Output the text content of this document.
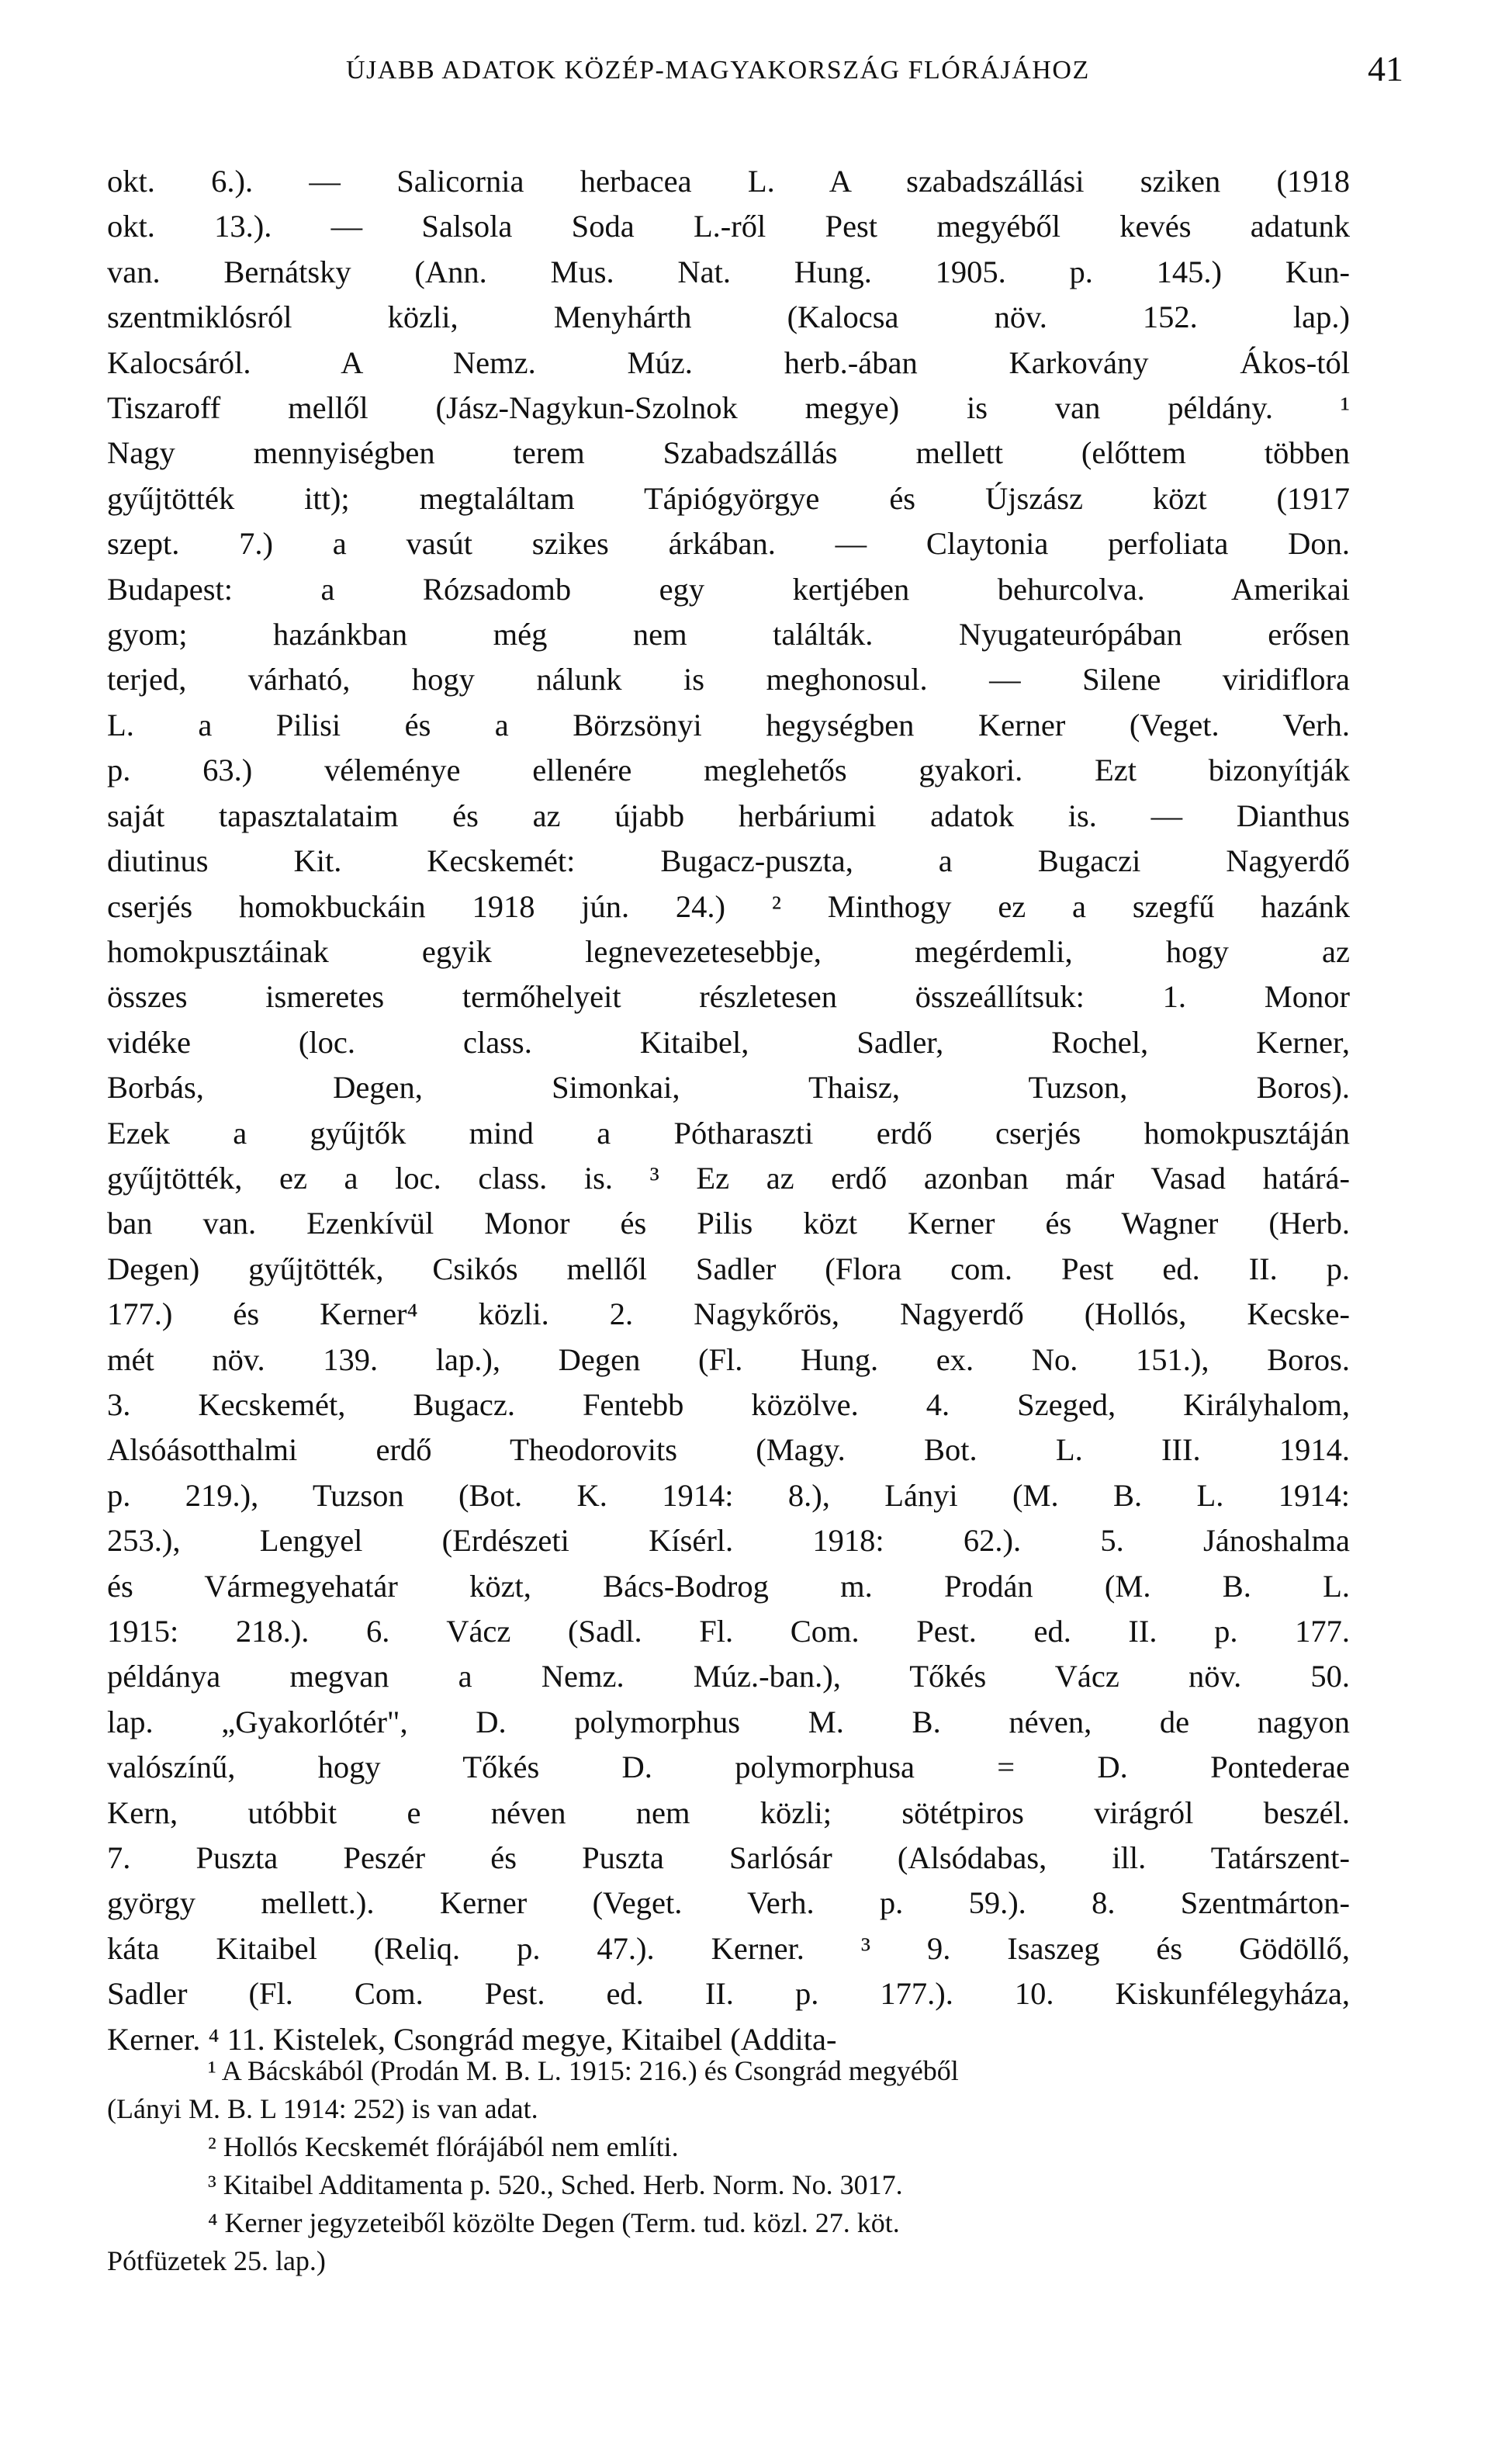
ÚJABB ADATOK KÖZÉP-MAGYAKORSZÁG FLÓRÁJÁHOZ	41
okt. 6.). — Salicornia herbacea L. A szabadszállási sziken (1918
okt. 13.). — Salsola Soda L.-ről Pest megyéből kevés adatunk
van. Bernátsky (Ann. Mus. Nat. Hung. 1905. p. 145.) Kun-
szentmiklósról közli, Menyhárth (Kalocsa növ. 152. lap.)
Kalocsáról. A Nemz. Múz. herb.-ában Karkovány Ákos-tól
Tiszaroff mellől (Jász-Nagykun-Szolnok megye) is van példány. ¹
Nagy mennyiségben terem Szabadszállás mellett (előttem többen
gyűjtötték itt); megtaláltam Tápiógyörgye és Újszász közt (1917
szept. 7.) a vasút szikes árkában. — Claytonia perfoliata Don.
Budapest: a Rózsadomb egy kertjében behurcolva. Amerikai
gyom; hazánkban még nem találták. Nyugateurópában erősen
terjed, várható, hogy nálunk is meghonosul. — Silene viridiflora
L. a Pilisi és a Börzsönyi hegységben Kerner (Veget. Verh.
p. 63.) véleménye ellenére meglehetős gyakori. Ezt bizonyítják
saját tapasztalataim és az újabb herbáriumi adatok is. — Dianthus
diutinus Kit. Kecskemét: Bugacz-puszta, a Bugaczi Nagyerdő
cserjés homokbuckáin 1918 jún. 24.) ² Minthogy ez a szegfű hazánk
homokpusztáinak egyik legnevezetesebbje, megérdemli, hogy az
összes ismeretes termőhelyeit részletesen összeállítsuk: 1. Monor
vidéke (loc. class. Kitaibel, Sadler, Rochel, Kerner,
Borbás, Degen, Simonkai, Thaisz, Tuzson, Boros).
Ezek a gyűjtők mind a Pótharaszti erdő cserjés homokpusztáján
gyűjtötték, ez a loc. class. is. ³ Ez az erdő azonban már Vasad határá-
ban van. Ezenkívül Monor és Pilis közt Kerner és Wagner (Herb.
Degen) gyűjtötték, Csikós mellől Sadler (Flora com. Pest ed. II. p.
177.) és Kerner⁴ közli. 2. Nagykőrös, Nagyerdő (Hollós, Kecske-
mét növ. 139. lap.), Degen (Fl. Hung. ex. No. 151.), Boros.
3. Kecskemét, Bugacz. Fentebb közölve. 4. Szeged, Királyhalom,
Alsóásotthalmi erdő Theodorovits (Magy. Bot. L. III. 1914.
p. 219.), Tuzson (Bot. K. 1914: 8.), Lányi (M. B. L. 1914:
253.), Lengyel (Erdészeti Kísérl. 1918: 62.). 5. Jánoshalma
és Vármegyehatár közt, Bács-Bodrog m. Prodán (M. B. L.
1915: 218.). 6. Vácz (Sadl. Fl. Com. Pest. ed. II. p. 177.
példánya megvan a Nemz. Múz.-ban.), Tőkés Vácz növ. 50.
lap. „Gyakorlótér", D. polymorphus M. B. néven, de nagyon
valószínű, hogy Tőkés D. polymorphusa = D. Pontederae
Kern, utóbbit e néven nem közli; sötétpiros virágról beszél.
7. Puszta Peszér és Puszta Sarlósár (Alsódabas, ill. Tatárszent-
györgy mellett.). Kerner (Veget. Verh. p. 59.). 8. Szentmárton-
káta Kitaibel (Reliq. p. 47.). Kerner. ³ 9. Isaszeg és Gödöllő,
Sadler (Fl. Com. Pest. ed. II. p. 177.). 10. Kiskunfélegyháza,
Kerner. ⁴ 11. Kistelek, Csongrád megye, Kitaibel (Additа-
¹ A Bácskából (Prodán M. B. L. 1915: 216.) és Csongrád megyéből
(Lányi M. B. L 1914: 252) is van adat.
² Hollós Kecskemét flórájából nem említi.
³ Kitaibel Additamenta p. 520., Sched. Herb. Norm. No. 3017.
⁴ Kerner jegyzeteiből közölte Degen (Term. tud. közl. 27. köt.
Pótfüzetek 25. lap.)
